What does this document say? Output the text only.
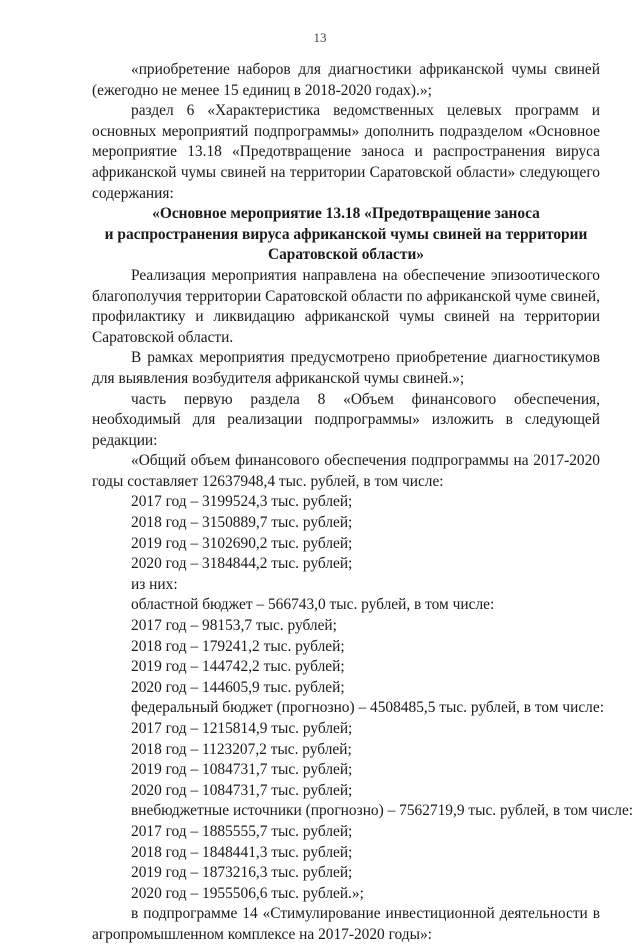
13

«приобретение наборов для диагностики африканской чумы свиней (ежегодно не менее 15 единиц в 2018-2020 годах).»;

раздел 6 «Характеристика ведомственных целевых программ и основных мероприятий подпрограммы» дополнить подразделом «Основное мероприятие 13.18 «Предотвращение заноса и распространения вируса африканской чумы свиней на территории Саратовской области» следующего содержания:

«Основное мероприятие 13.18 «Предотвращение заноса
и распространения вируса африканской чумы свиней на территории
Саратовской области»

Реализация мероприятия направлена на обеспечение эпизоотического благополучия территории Саратовской области по африканской чуме свиней, профилактику и ликвидацию африканской чумы свиней на территории Саратовской области.

В рамках мероприятия предусмотрено приобретение диагностикумов для выявления возбудителя африканской чумы свиней.»;

часть первую раздела 8 «Объем финансового обеспечения, необходимый для реализации подпрограммы» изложить в следующей редакции:

«Общий объем финансового обеспечения подпрограммы на 2017-2020 годы составляет 12637948,4 тыс. рублей, в том числе:

2017 год – 3199524,3 тыс. рублей;
2018 год – 3150889,7 тыс. рублей;
2019 год – 3102690,2 тыс. рублей;
2020 год – 3184844,2 тыс. рублей;
из них:
областной бюджет – 566743,0 тыс. рублей, в том числе:
2017 год – 98153,7 тыс. рублей;
2018 год – 179241,2 тыс. рублей;
2019 год – 144742,2 тыс. рублей;
2020 год – 144605,9 тыс. рублей;
федеральный бюджет (прогнозно) – 4508485,5 тыс. рублей, в том числе:
2017 год – 1215814,9 тыс. рублей;
2018 год – 1123207,2 тыс. рублей;
2019 год – 1084731,7 тыс. рублей;
2020 год – 1084731,7 тыс. рублей;
внебюджетные источники (прогнозно) – 7562719,9 тыс. рублей, в том числе:
2017 год – 1885555,7 тыс. рублей;
2018 год – 1848441,3 тыс. рублей;
2019 год – 1873216,3 тыс. рублей;
2020 год – 1955506,6 тыс. рублей.»;

в подпрограмме 14 «Стимулирование инвестиционной деятельности в агропромышленном комплексе на 2017-2020 годы»:
